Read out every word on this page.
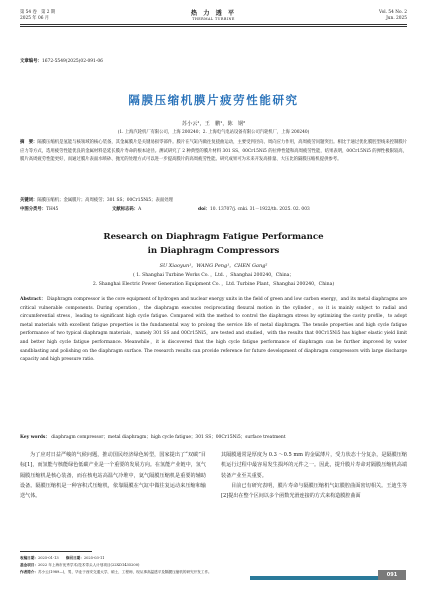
第 54 卷　第 2 期
2025 年 06 月
热 力 透 平
THERMAL TURBINE
Vol. 54 No. 2
Jun. 2025
文章编号：1672-5549(2025)02-091-06
隔膜压缩机膜片疲劳性能研究
苏小云¹，王　鹏¹，陈　钢²
(1. 上海汽轮机厂有限公司，上海 200240；2. 上海电气电站设备有限公司汽轮机厂，上海 200240)
摘　要：隔膜压缩机是氢能与核领域的核心装备，其金属膜片是关键易损零部件。膜片在气缸内做往复挠曲运动，主要受到径向、周向应力作用，高周疲劳问题突出。相比于通过优化膜腔型线来控制膜片应力等方式，选用疲劳性能优良的金属材料是延长膜片寿命的根本途径。测试研究了 2 种典型的膜片材料 301 SS、00Cr15Ni5 的拉伸性能和高周疲劳性能，结果表明，00Cr15Ni5 的弹性极限较高，膜片高周疲劳性能更好，而通过膜片表面水喷砂、抛光的处理方式可以进一步提高膜片的高周疲劳性能。研究成果可为未来开发高排量、大压比的隔膜压缩机提供参考。
关键词：隔膜压缩机；金属膜片；高周疲劳；301 SS；00Cr15Ni5；表面处理
中图分类号：TH45	文献标志码：A	doi：10. 13707/j. cnki. 31－1922/th. 2025. 02. 003
Research on Diaphragm Fatigue Performance
in Diaphragm Compressors
SU Xiaoyun¹，WANG Peng¹，CHEN Gang²
( 1. Shanghai Turbine Works Co. ，Ltd. ，Shanghai 200240，China；
2. Shanghai Electric Power Generation Equipment Co. ，Ltd. Turbine Plant，Shanghai 200240，China)
Abstract： Diaphragm compressor is the core equipment of hydrogen and nuclear energy units in the field of green and low carbon energy，and its metal diaphragms are critical vulnerable components. During operation，the diaphragm executes reciprocating flexural motion in the cylinder，so it is mainly subject to radial and circumferential stress，leading to significant high cycle fatigue. Compared with the method to control the diaphragm stress by optimizing the cavity profile，to adopt metal materials with excellent fatigue properties is the fundamental way to prolong the service life of metal diaphragm. The tensile properties and high cycle fatigue performance of two typical diaphragm materials，namely 301 SS and 00Cr15Ni5，are tested and studied，with the results that 00Cr15Ni5 has higher elastic yield limit and better high cycle fatigue performance. Meanwhile，it is discovered that the high cycle fatigue performance of diaphragm can be further improved by water sandblasting and polishing on the diaphragm surface. The research results can provide reference for future development of diaphragm compressors with large discharge capacity and high pressure ratio.
Key words： diaphragm compressor；metal diaphragm；high cycle fatigue；301 SS；00Cr15Ni5；surface treatment

为了应对日益严峻的气候问题，推动国民经济绿色转型，国家提出了“双碳”目标[1]，而氢能与核能绿色低碳产业是一个重要的发展方向。在氢能产业链中，氢气隔膜压缩机是核心装备，而在核电站高温气冷堆中，氦气隔膜压缩机是重要的辅助设备。隔膜压缩机是一种容积式压缩机，依靠隔膜在气缸中做往复运动来压缩和输送气体。

其隔膜通常是厚度为 0.3 ～0.5 mm 的金属薄片，受力状态十分复杂，是隔膜压缩机运行过程中最容易发生损坏的元件之一。因此，提升膜片寿命对隔膜压缩机高端装备产业至关重要。

目前已有研究表明，膜片寿命与隔膜压缩机气缸膜腔曲面密切相关。王迪生等[2]提出在整个区间以多个函数光滑连接的方式来构造膜腔曲面

收稿日期：2025-01-13　　 修回日期：2025-03-11
基金项目：2022 年上海市优秀学术/技术带头人计划项目(22XD1435200)
作者简介：苏小云(1989—)，男，毕业于西安交通大学，硕士，工程师，现从事高温透平及隔膜压缩机的研究开发工作。	091
